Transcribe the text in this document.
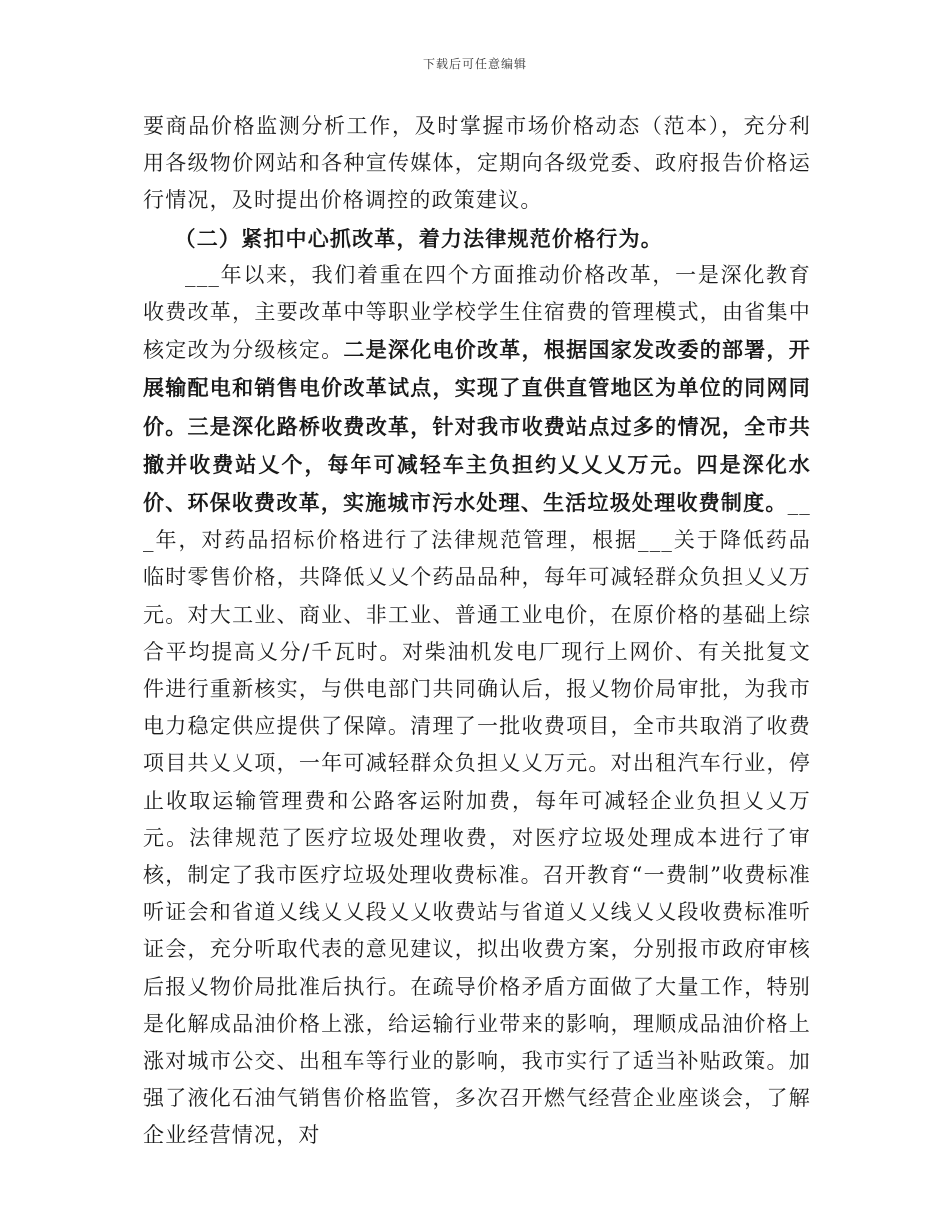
下载后可任意编辑

要商品价格监测分析工作，及时掌握市场价格动态（范本），充分利用各级物价网站和各种宣传媒体，定期向各级党委、政府报告价格运行情况，及时提出价格调控的政策建议。

（二）紧扣中心抓改革，着力法律规范价格行为。

___年以来，我们着重在四个方面推动价格改革，一是深化教育收费改革，主要改革中等职业学校学生住宿费的管理模式，由省集中核定改为分级核定。二是深化电价改革，根据国家发改委的部署，开展输配电和销售电价改革试点，实现了直供直管地区为单位的同网同价。三是深化路桥收费改革，针对我市收费站点过多的情况，全市共撤并收费站乂个，每年可减轻车主负担约乂乂乂万元。四是深化水价、环保收费改革，实施城市污水处理、生活垃圾处理收费制度。___年，对药品招标价格进行了法律规范管理，根据___关于降低药品临时零售价格，共降低乂乂个药品品种，每年可减轻群众负担乂乂万元。对大工业、商业、非工业、普通工业电价，在原价格的基础上综合平均提高乂分/千瓦时。对柴油机发电厂现行上网价、有关批复文件进行重新核实，与供电部门共同确认后，报乂物价局审批，为我市电力稳定供应提供了保障。清理了一批收费项目，全市共取消了收费项目共乂乂项，一年可减轻群众负担乂乂万元。对出租汽车行业，停止收取运输管理费和公路客运附加费，每年可减轻企业负担乂乂万元。法律规范了医疗垃圾处理收费，对医疗垃圾处理成本进行了审核，制定了我市医疗垃圾处理收费标准。召开教育“一费制”收费标准听证会和省道乂线乂乂段乂乂收费站与省道乂乂线乂乂段收费标准听证会，充分听取代表的意见建议，拟出收费方案，分别报市政府审核后报乂物价局批准后执行。在疏导价格矛盾方面做了大量工作，特别是化解成品油价格上涨，给运输行业带来的影响，理顺成品油价格上涨对城市公交、出租车等行业的影响，我市实行了适当补贴政策。加强了液化石油气销售价格监管，多次召开燃气经营企业座谈会，了解企业经营情况，对
